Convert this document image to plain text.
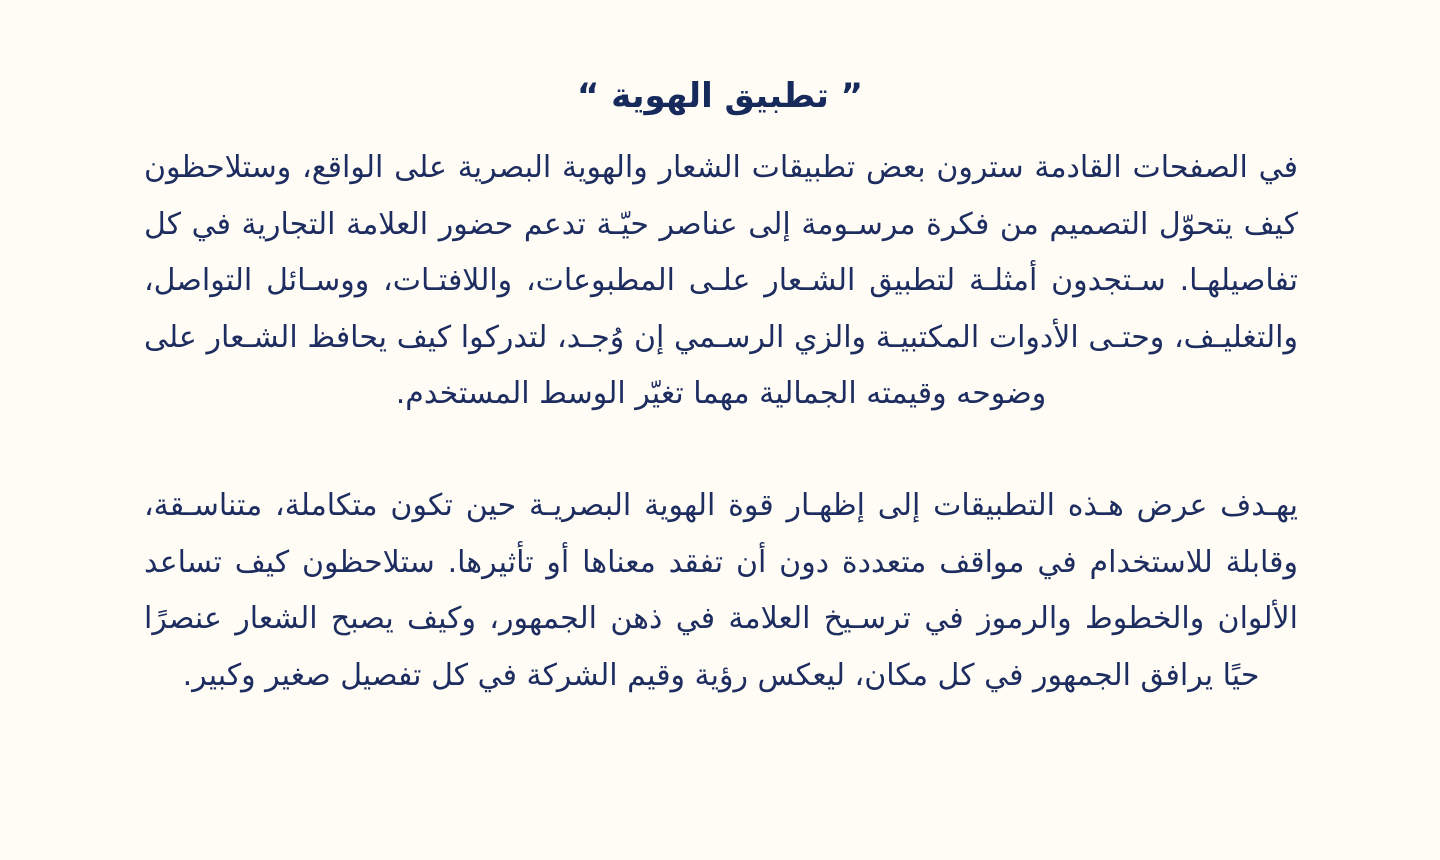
” تطبيق الهوية “

في الصفحات القادمة سترون بعض تطبيقات الشعار والهوية البصرية على الواقع، وستلاحظون كيف يتحوّل التصميم من فكرة مرسـومة إلى عناصر حيّـة تدعم حضور العلامة التجارية في كل تفاصيلهـا. سـتجدون أمثلـة لتطبيق الشـعار علـى المطبوعات، واللافتـات، ووسـائل التواصل، والتغليـف، وحتـى الأدوات المكتبيـة والزي الرسـمي إن وُجـد، لتدركوا كيف يحافظ الشـعار على وضوحه وقيمته الجمالية مهما تغيّر الوسط المستخدم.

يهـدف عرض هـذه التطبيقات إلى إظهـار قوة الهوية البصريـة حين تكون متكاملة، متناسـقة، وقابلة للاستخدام في مواقف متعددة دون أن تفقد معناها أو تأثيرها. ستلاحظون كيف تساعد الألوان والخطوط والرموز في ترسـيخ العلامة في ذهن الجمهور، وكيف يصبح الشعار عنصرًا حيًا يرافق الجمهور في كل مكان، ليعكس رؤية وقيم الشركة في كل تفصيل صغير وكبير.
